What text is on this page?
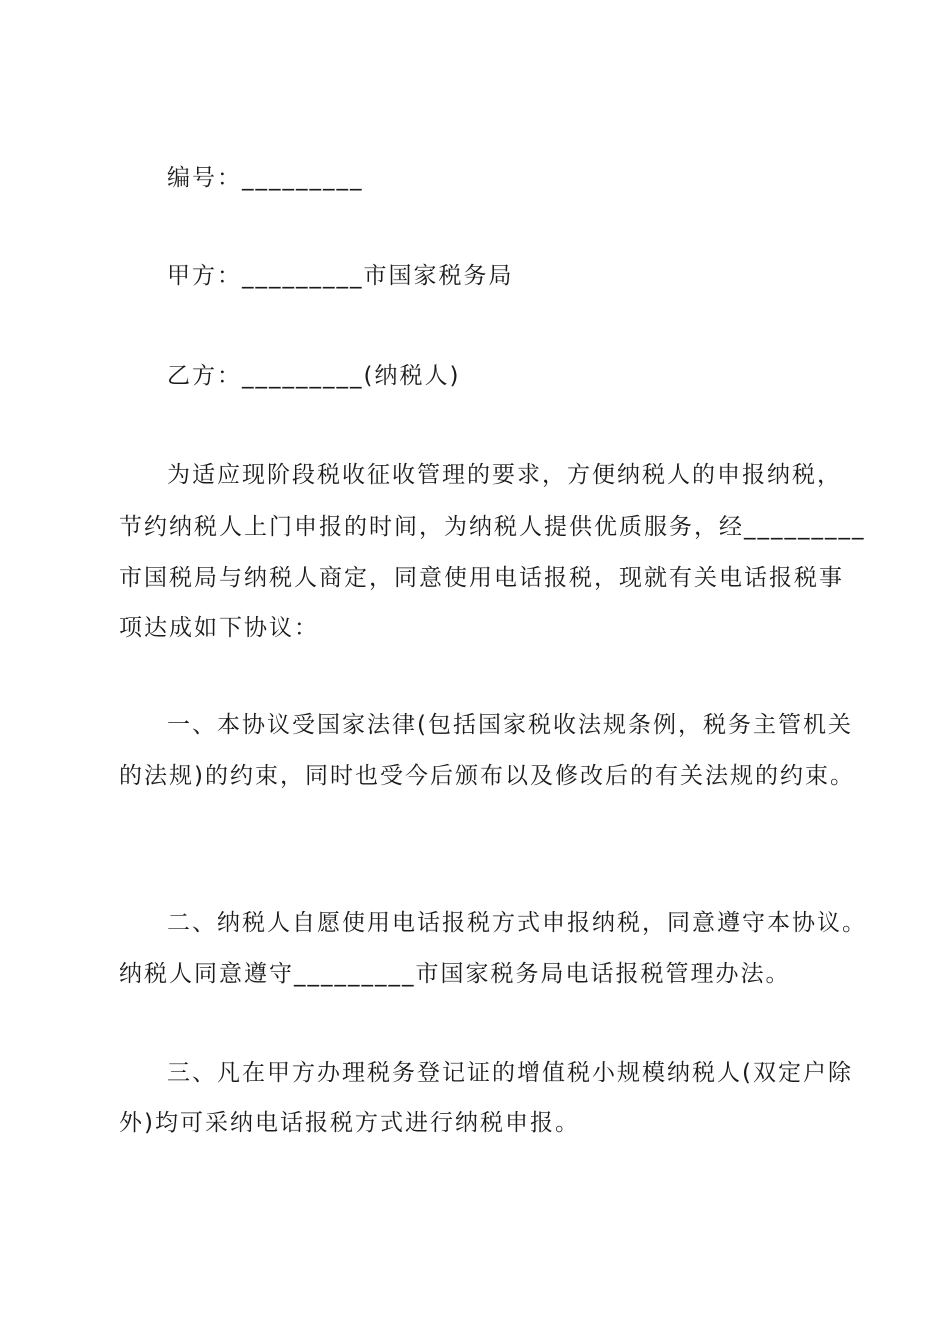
编号：_________
甲方：_________市国家税务局
乙方：_________(纳税人)
为适应现阶段税收征收管理的要求，方便纳税人的申报纳税，
节约纳税人上门申报的时间，为纳税人提供优质服务，经_________
市国税局与纳税人商定，同意使用电话报税，现就有关电话报税事
项达成如下协议：
一、本协议受国家法律(包括国家税收法规条例，税务主管机关
的法规)的约束，同时也受今后颁布以及修改后的有关法规的约束。
二、纳税人自愿使用电话报税方式申报纳税，同意遵守本协议。
纳税人同意遵守_________市国家税务局电话报税管理办法。
三、凡在甲方办理税务登记证的增值税小规模纳税人(双定户除
外)均可采纳电话报税方式进行纳税申报。
